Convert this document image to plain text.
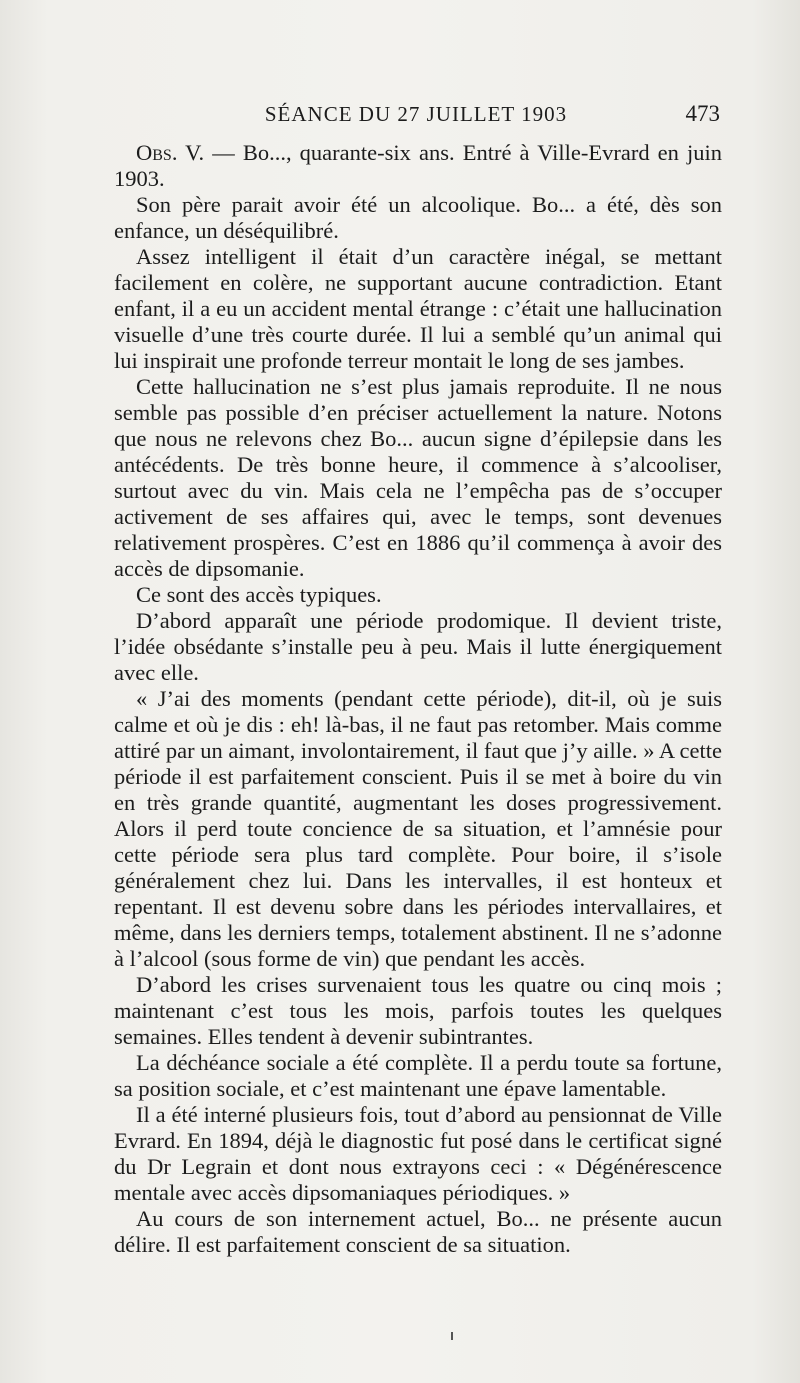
SÉANCE DU 27 JUILLET 1903	473

Obs. V. — Bo..., quarante-six ans. Entré à Ville-Evrard en juin 1903.

Son père parait avoir été un alcoolique. Bo... a été, dès son enfance, un déséquilibré.

Assez intelligent il était d’un caractère inégal, se mettant facilement en colère, ne supportant aucune contradiction. Etant enfant, il a eu un accident mental étrange : c’était une hallucination visuelle d’une très courte durée. Il lui a semblé qu’un animal qui lui inspirait une profonde terreur montait le long de ses jambes.

Cette hallucination ne s’est plus jamais reproduite. Il ne nous semble pas possible d’en préciser actuellement la nature. Notons que nous ne relevons chez Bo... aucun signe d’épilepsie dans les antécédents. De très bonne heure, il commence à s’alcooliser, surtout avec du vin. Mais cela ne l’empêcha pas de s’occuper activement de ses affaires qui, avec le temps, sont devenues relativement prospères. C’est en 1886 qu’il commença à avoir des accès de dipsomanie.

Ce sont des accès typiques.

D’abord apparaît une période prodomique. Il devient triste, l’idée obsédante s’installe peu à peu. Mais il lutte énergiquement avec elle.

« J’ai des moments (pendant cette période), dit-il, où je suis calme et où je dis : eh! là-bas, il ne faut pas retomber. Mais comme attiré par un aimant, involontairement, il faut que j’y aille. » A cette période il est parfaitement conscient. Puis il se met à boire du vin en très grande quantité, augmentant les doses progressivement. Alors il perd toute concience de sa situation, et l’amnésie pour cette période sera plus tard complète. Pour boire, il s’isole généralement chez lui. Dans les intervalles, il est honteux et repentant. Il est devenu sobre dans les périodes intervallaires, et même, dans les derniers temps, totalement abstinent. Il ne s’adonne à l’alcool (sous forme de vin) que pendant les accès.

D’abord les crises survenaient tous les quatre ou cinq mois ; maintenant c’est tous les mois, parfois toutes les quelques semaines. Elles tendent à devenir subintrantes.

La déchéance sociale a été complète. Il a perdu toute sa fortune, sa position sociale, et c’est maintenant une épave lamentable.

Il a été interné plusieurs fois, tout d’abord au pensionnat de Ville Evrard. En 1894, déjà le diagnostic fut posé dans le certificat signé du Dr Legrain et dont nous extrayons ceci : « Dégénérescence mentale avec accès dipsomaniaques périodiques. »

Au cours de son internement actuel, Bo... ne présente aucun délire. Il est parfaitement conscient de sa situation.
